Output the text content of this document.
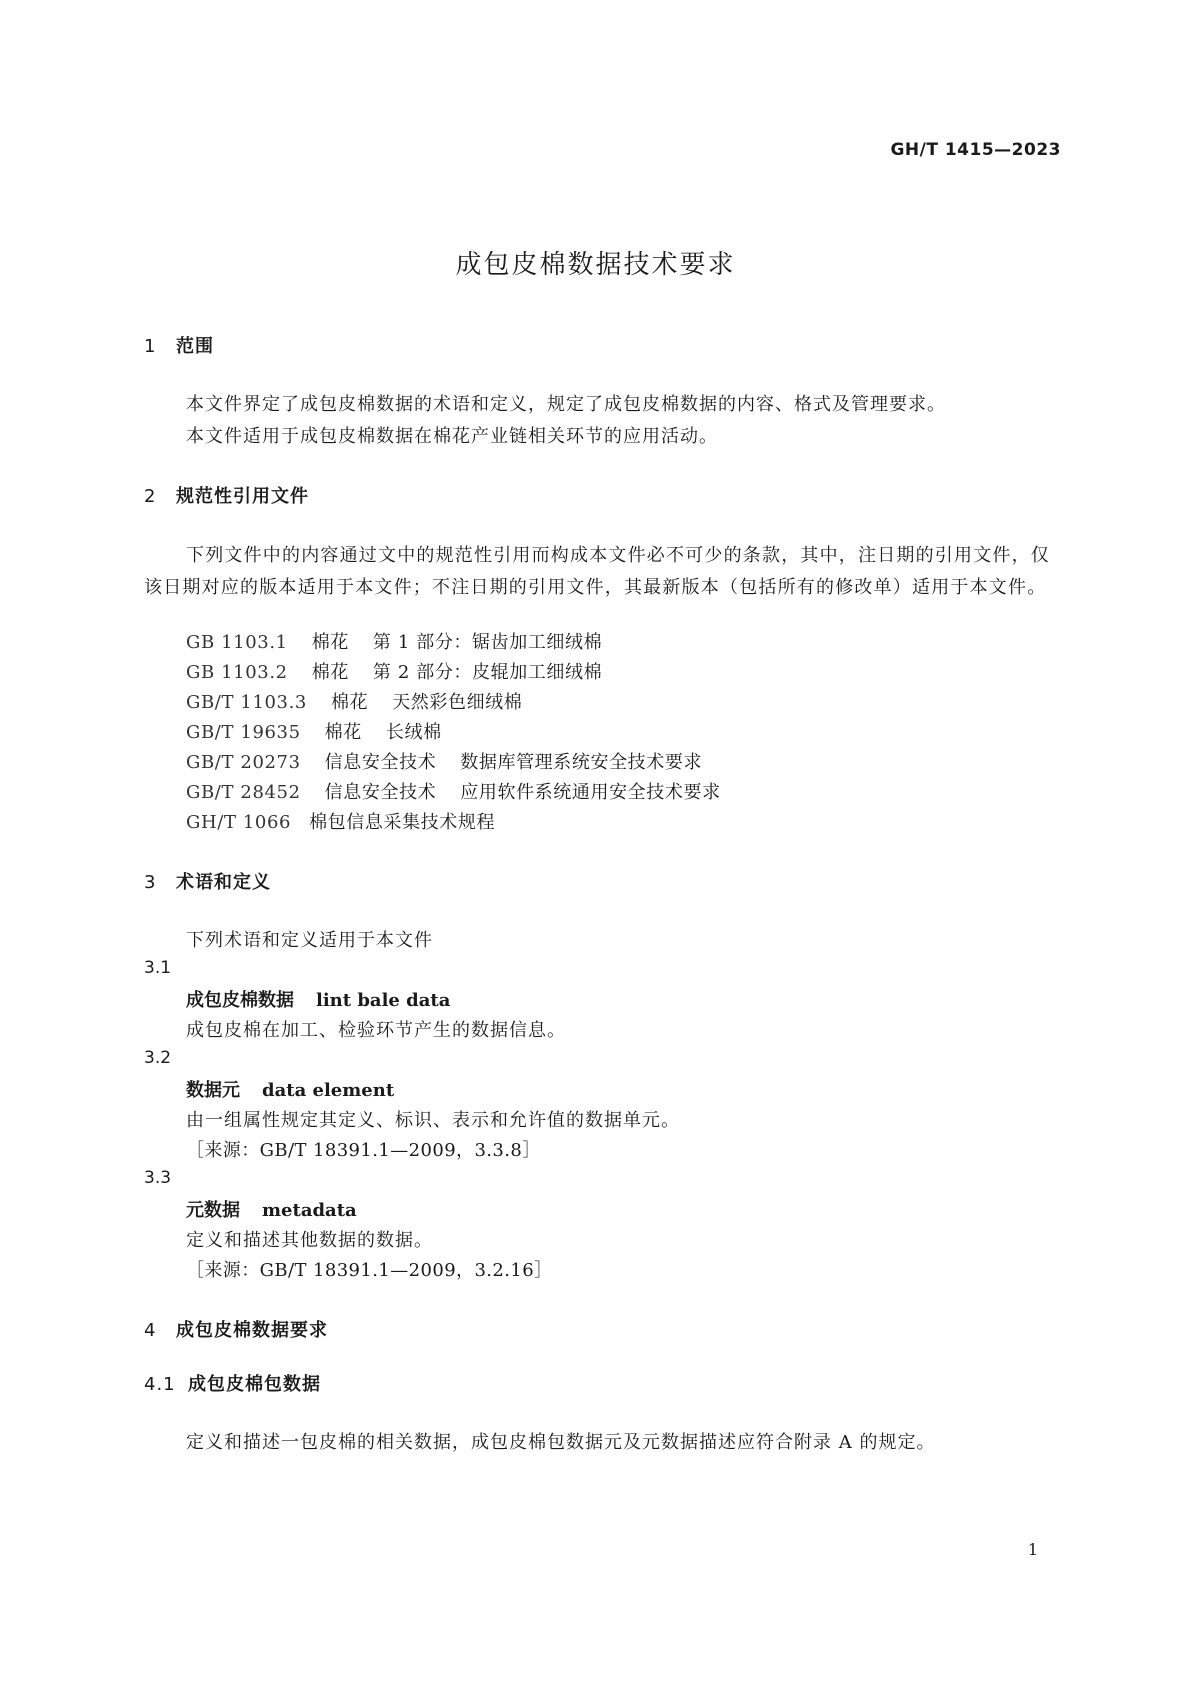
GH/T 1415—2023
成包皮棉数据技术要求
1 范围
本文件界定了成包皮棉数据的术语和定义，规定了成包皮棉数据的内容、格式及管理要求。
本文件适用于成包皮棉数据在棉花产业链相关环节的应用活动。
2 规范性引用文件
下列文件中的内容通过文中的规范性引用而构成本文件必不可少的条款，其中，注日期的引用文件，仅该日期对应的版本适用于本文件；不注日期的引用文件，其最新版本（包括所有的修改单）适用于本文件。
GB 1103.1 棉花 第 1 部分：锯齿加工细绒棉
GB 1103.2 棉花 第 2 部分：皮辊加工细绒棉
GB/T 1103.3 棉花 天然彩色细绒棉
GB/T 19635 棉花 长绒棉
GB/T 20273 信息安全技术 数据库管理系统安全技术要求
GB/T 28452 信息安全技术 应用软件系统通用安全技术要求
GH/T 1066 棉包信息采集技术规程
3 术语和定义
下列术语和定义适用于本文件
3.1
成包皮棉数据 lint bale data
成包皮棉在加工、检验环节产生的数据信息。
3.2
数据元 data element
由一组属性规定其定义、标识、表示和允许值的数据单元。
［来源：GB/T 18391.1—2009，3.3.8］
3.3
元数据 metadata
定义和描述其他数据的数据。
［来源：GB/T 18391.1—2009，3.2.16］
4 成包皮棉数据要求
4.1 成包皮棉包数据
定义和描述一包皮棉的相关数据，成包皮棉包数据元及元数据描述应符合附录 A 的规定。
1
